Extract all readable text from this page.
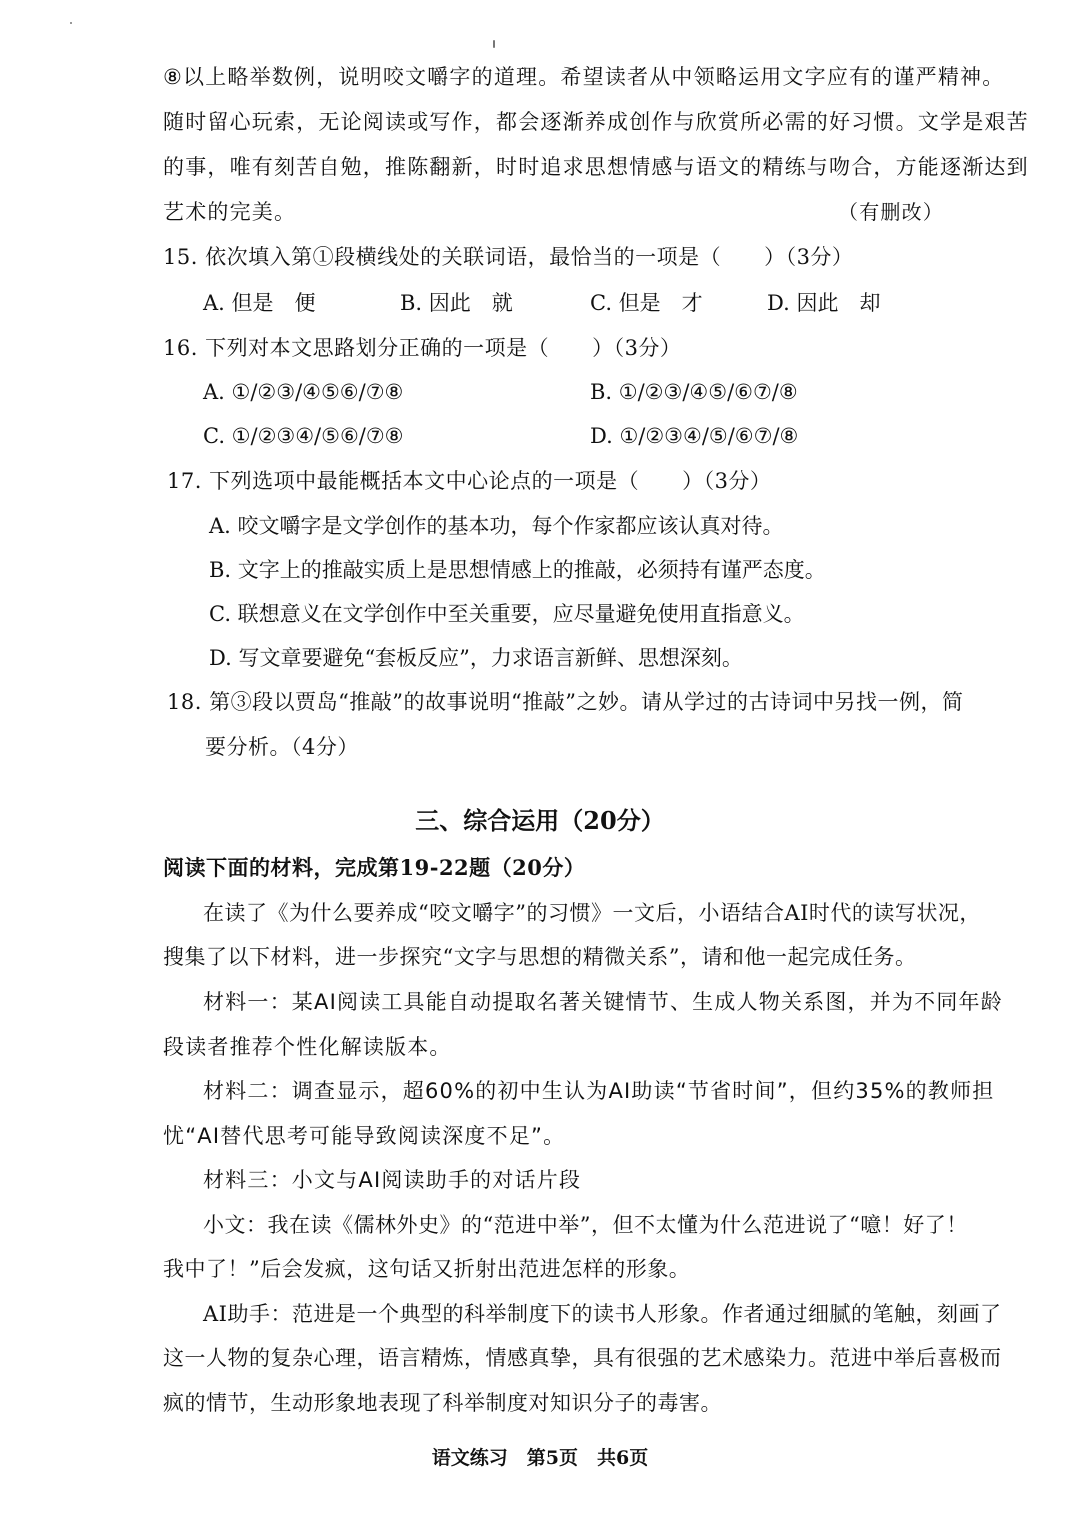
⑧以上略举数例，说明咬文嚼字的道理。希望读者从中领略运用文字应有的谨严精神。
随时留心玩索，无论阅读或写作，都会逐渐养成创作与欣赏所必需的好习惯。文学是艰苦
的事，唯有刻苦自勉，推陈翻新，时时追求思想情感与语文的精练与吻合，方能逐渐达到
艺术的完美。	（有删改）
15. 依次填入第①段横线处的关联词语，最恰当的一项是（　　）（3分）
A. 但是　便	B. 因此　就	C. 但是　才	D. 因此　却
16. 下列对本文思路划分正确的一项是（　　）（3分）
A. ①/②③/④⑤⑥/⑦⑧	B. ①/②③/④⑤/⑥⑦/⑧
C. ①/②③④/⑤⑥/⑦⑧	D. ①/②③④/⑤/⑥⑦/⑧
17. 下列选项中最能概括本文中心论点的一项是（　　）（3分）
A. 咬文嚼字是文学创作的基本功，每个作家都应该认真对待。
B. 文字上的推敲实质上是思想情感上的推敲，必须持有谨严态度。
C. 联想意义在文学创作中至关重要，应尽量避免使用直指意义。
D. 写文章要避免“套板反应”，力求语言新鲜、思想深刻。
18. 第③段以贾岛“推敲”的故事说明“推敲”之妙。请从学过的古诗词中另找一例，简
要分析。（4分）
三、综合运用（20分）
阅读下面的材料，完成第19-22题（20分）
在读了《为什么要养成“咬文嚼字”的习惯》一文后，小语结合AI时代的读写状况，
搜集了以下材料，进一步探究“文字与思想的精微关系”，请和他一起完成任务。
材料一：某AI阅读工具能自动提取名著关键情节、生成人物关系图，并为不同年龄
段读者推荐个性化解读版本。
材料二：调查显示，超60%的初中生认为AI助读“节省时间”，但约35%的教师担
忧“AI替代思考可能导致阅读深度不足”。
材料三：小文与AI阅读助手的对话片段
小文：我在读《儒林外史》的“范进中举”，但不太懂为什么范进说了“噫！好了！
我中了！”后会发疯，这句话又折射出范进怎样的形象。
AI助手：范进是一个典型的科举制度下的读书人形象。作者通过细腻的笔触，刻画了
这一人物的复杂心理，语言精炼，情感真挚，具有很强的艺术感染力。范进中举后喜极而
疯的情节，生动形象地表现了科举制度对知识分子的毒害。
语文练习　第5页　共6页
